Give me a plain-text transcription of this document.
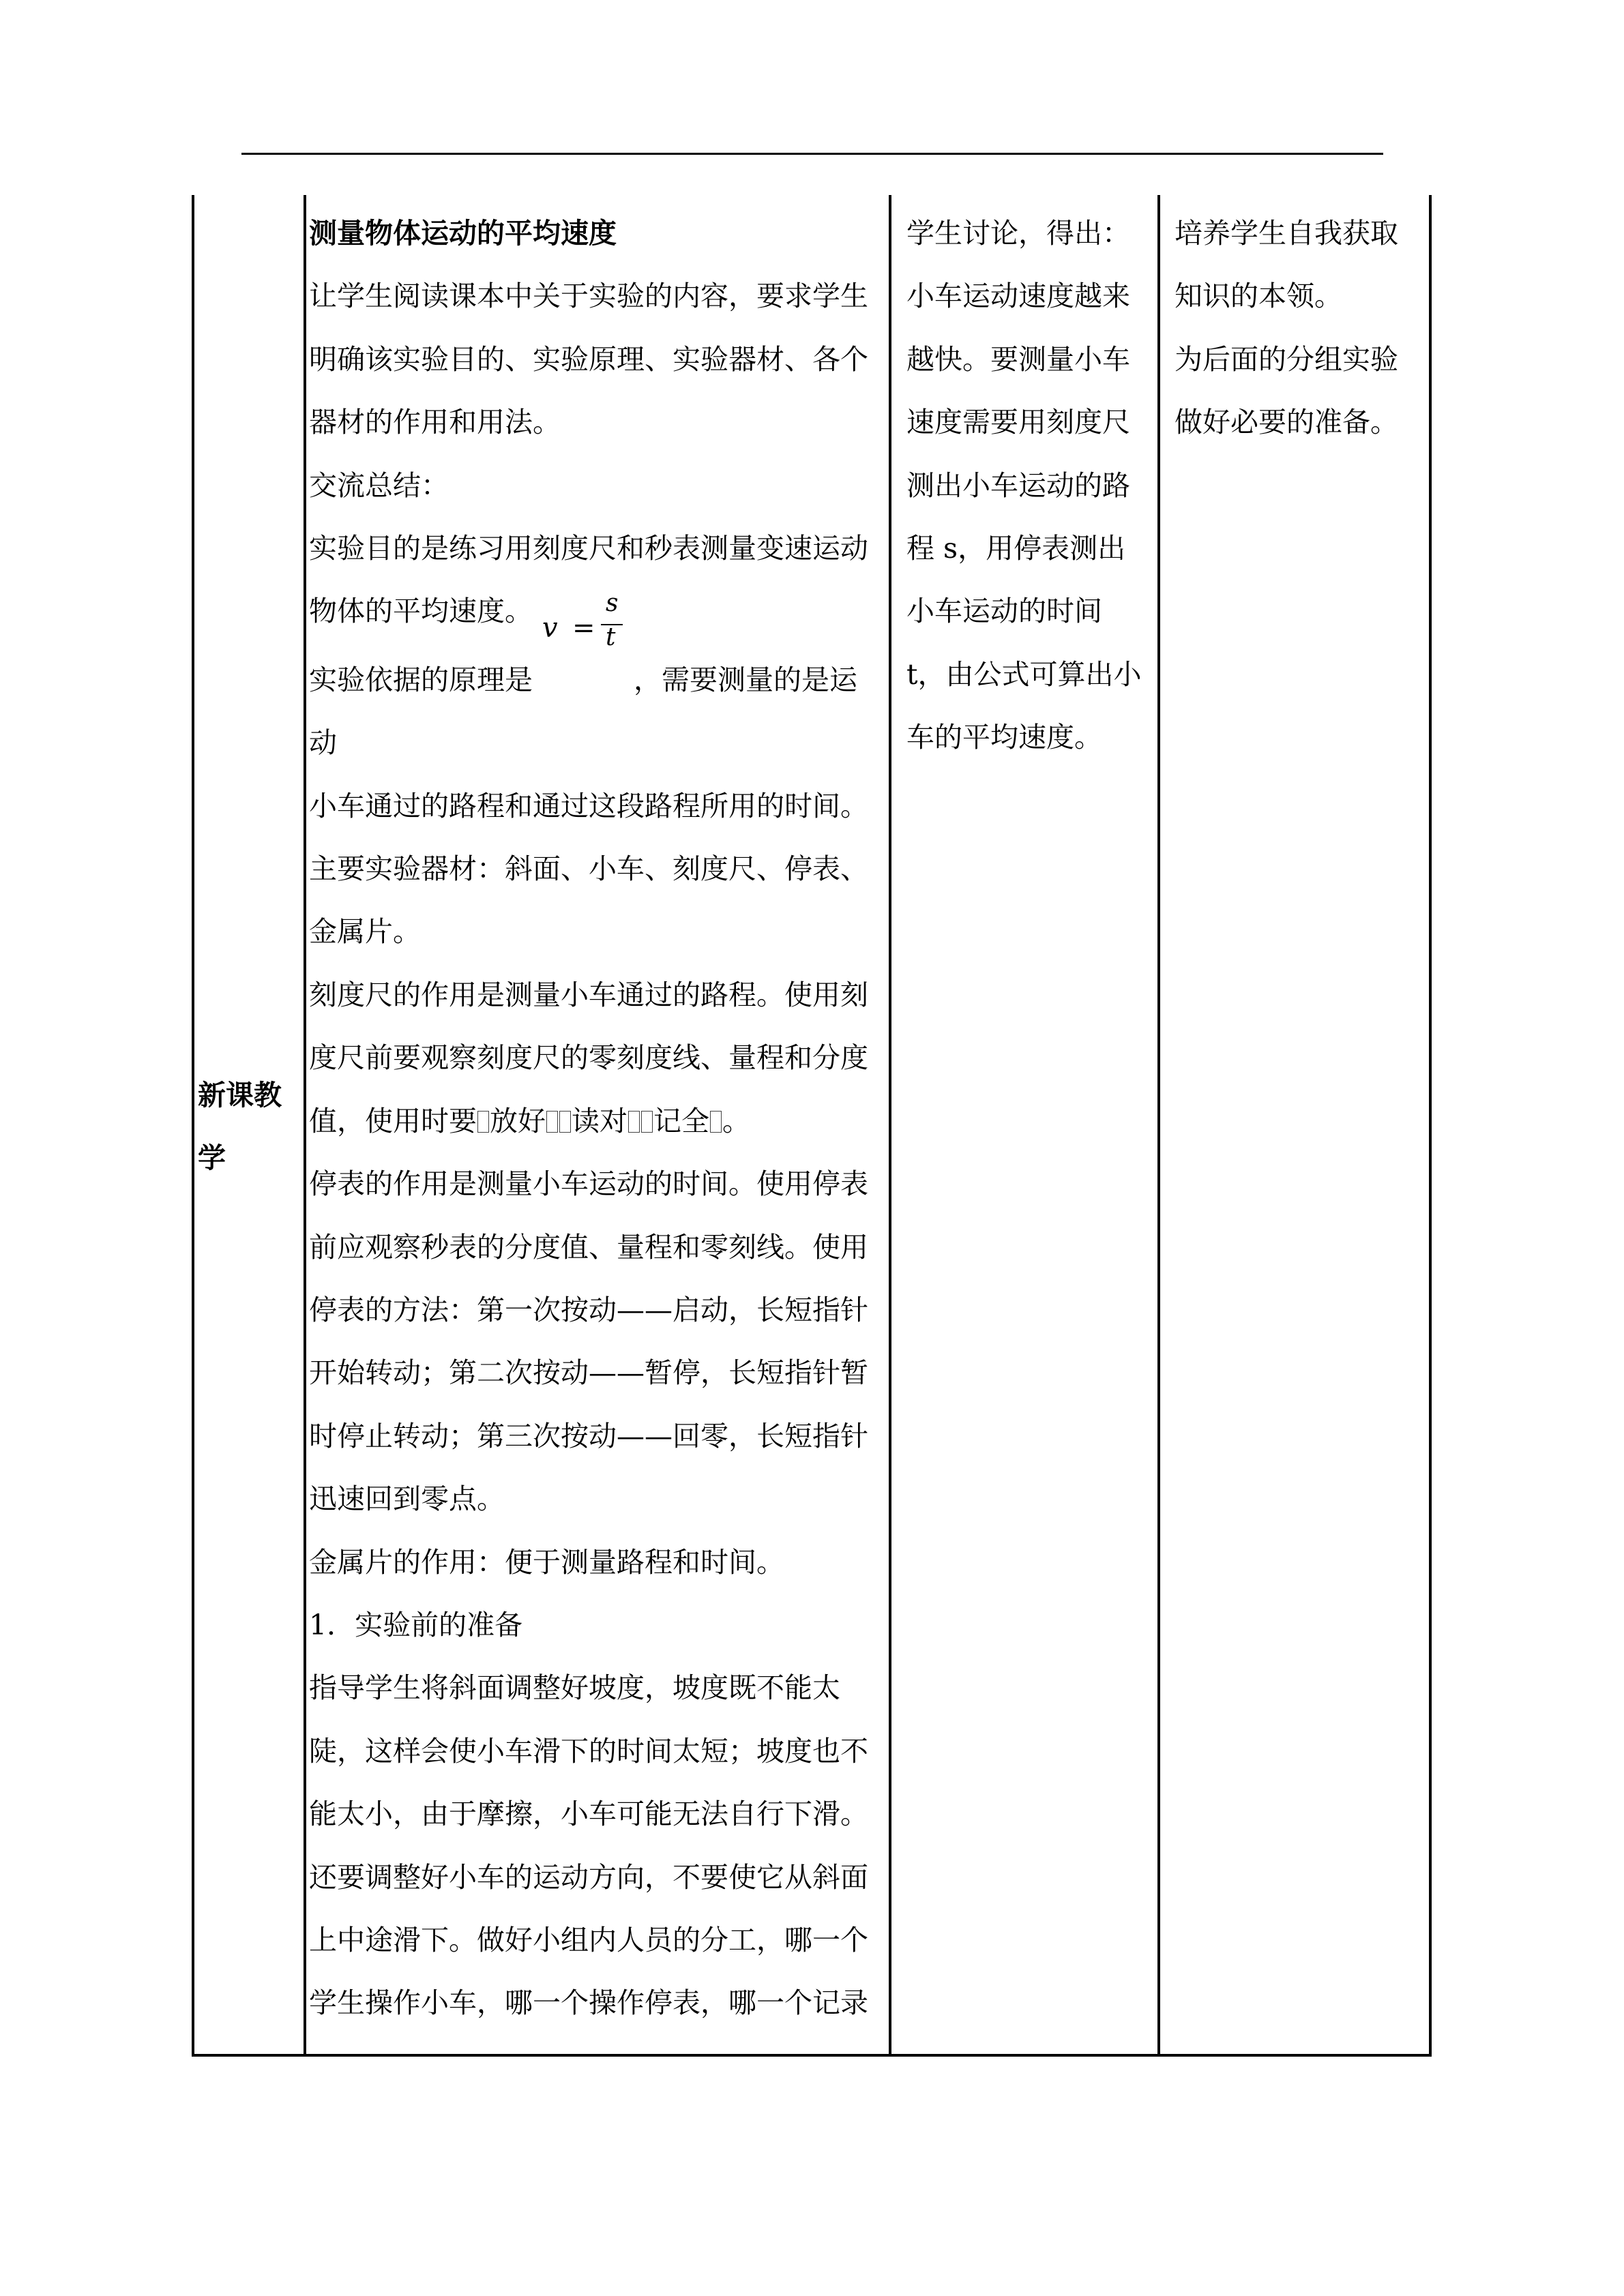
新课教

学

测量物体运动的平均速度

让学生阅读课本中关于实验的内容，要求学生

明确该实验目的、实验原理、实验器材、各个

器材的作用和用法。

交流总结：

实验目的是练习用刻度尺和秒表测量变速运动

物体的平均速度。

实验依据的原理是
v =
s
t
，需要测量的是运动

小车通过的路程和通过这段路程所用的时间。

主要实验器材：斜面、小车、刻度尺、停表、

金属片。

刻度尺的作用是测量小车通过的路程。使用刻

度尺前要观察刻度尺的零刻度线、量程和分度

值，使用时要 放好 读对 记全 。

停表的作用是测量小车运动的时间。使用停表

前应观察秒表的分度值、量程和零刻线。使用

停表的方法：第一次按动——启动，长短指针

开始转动；第二次按动——暂停，长短指针暂

时停止转动；第三次按动——回零，长短指针

迅速回到零点。

金属片的作用：便于测量路程和时间。

1．实验前的准备

指导学生将斜面调整好坡度，坡度既不能太

陡，这样会使小车滑下的时间太短；坡度也不

能太小，由于摩擦，小车可能无法自行下滑。

还要调整好小车的运动方向，不要使它从斜面

上中途滑下。做好小组内人员的分工，哪一个

学生操作小车，哪一个操作停表，哪一个记录

学生讨论，得出：

小车运动速度越来

越快。要测量小车

速度需要用刻度尺

测出小车运动的路

程 s，用停表测出

小车运动的时间

t，由公式可算出小

车的平均速度。

培养学生自我获取

知识的本领。

为后面的分组实验

做好必要的准备。
